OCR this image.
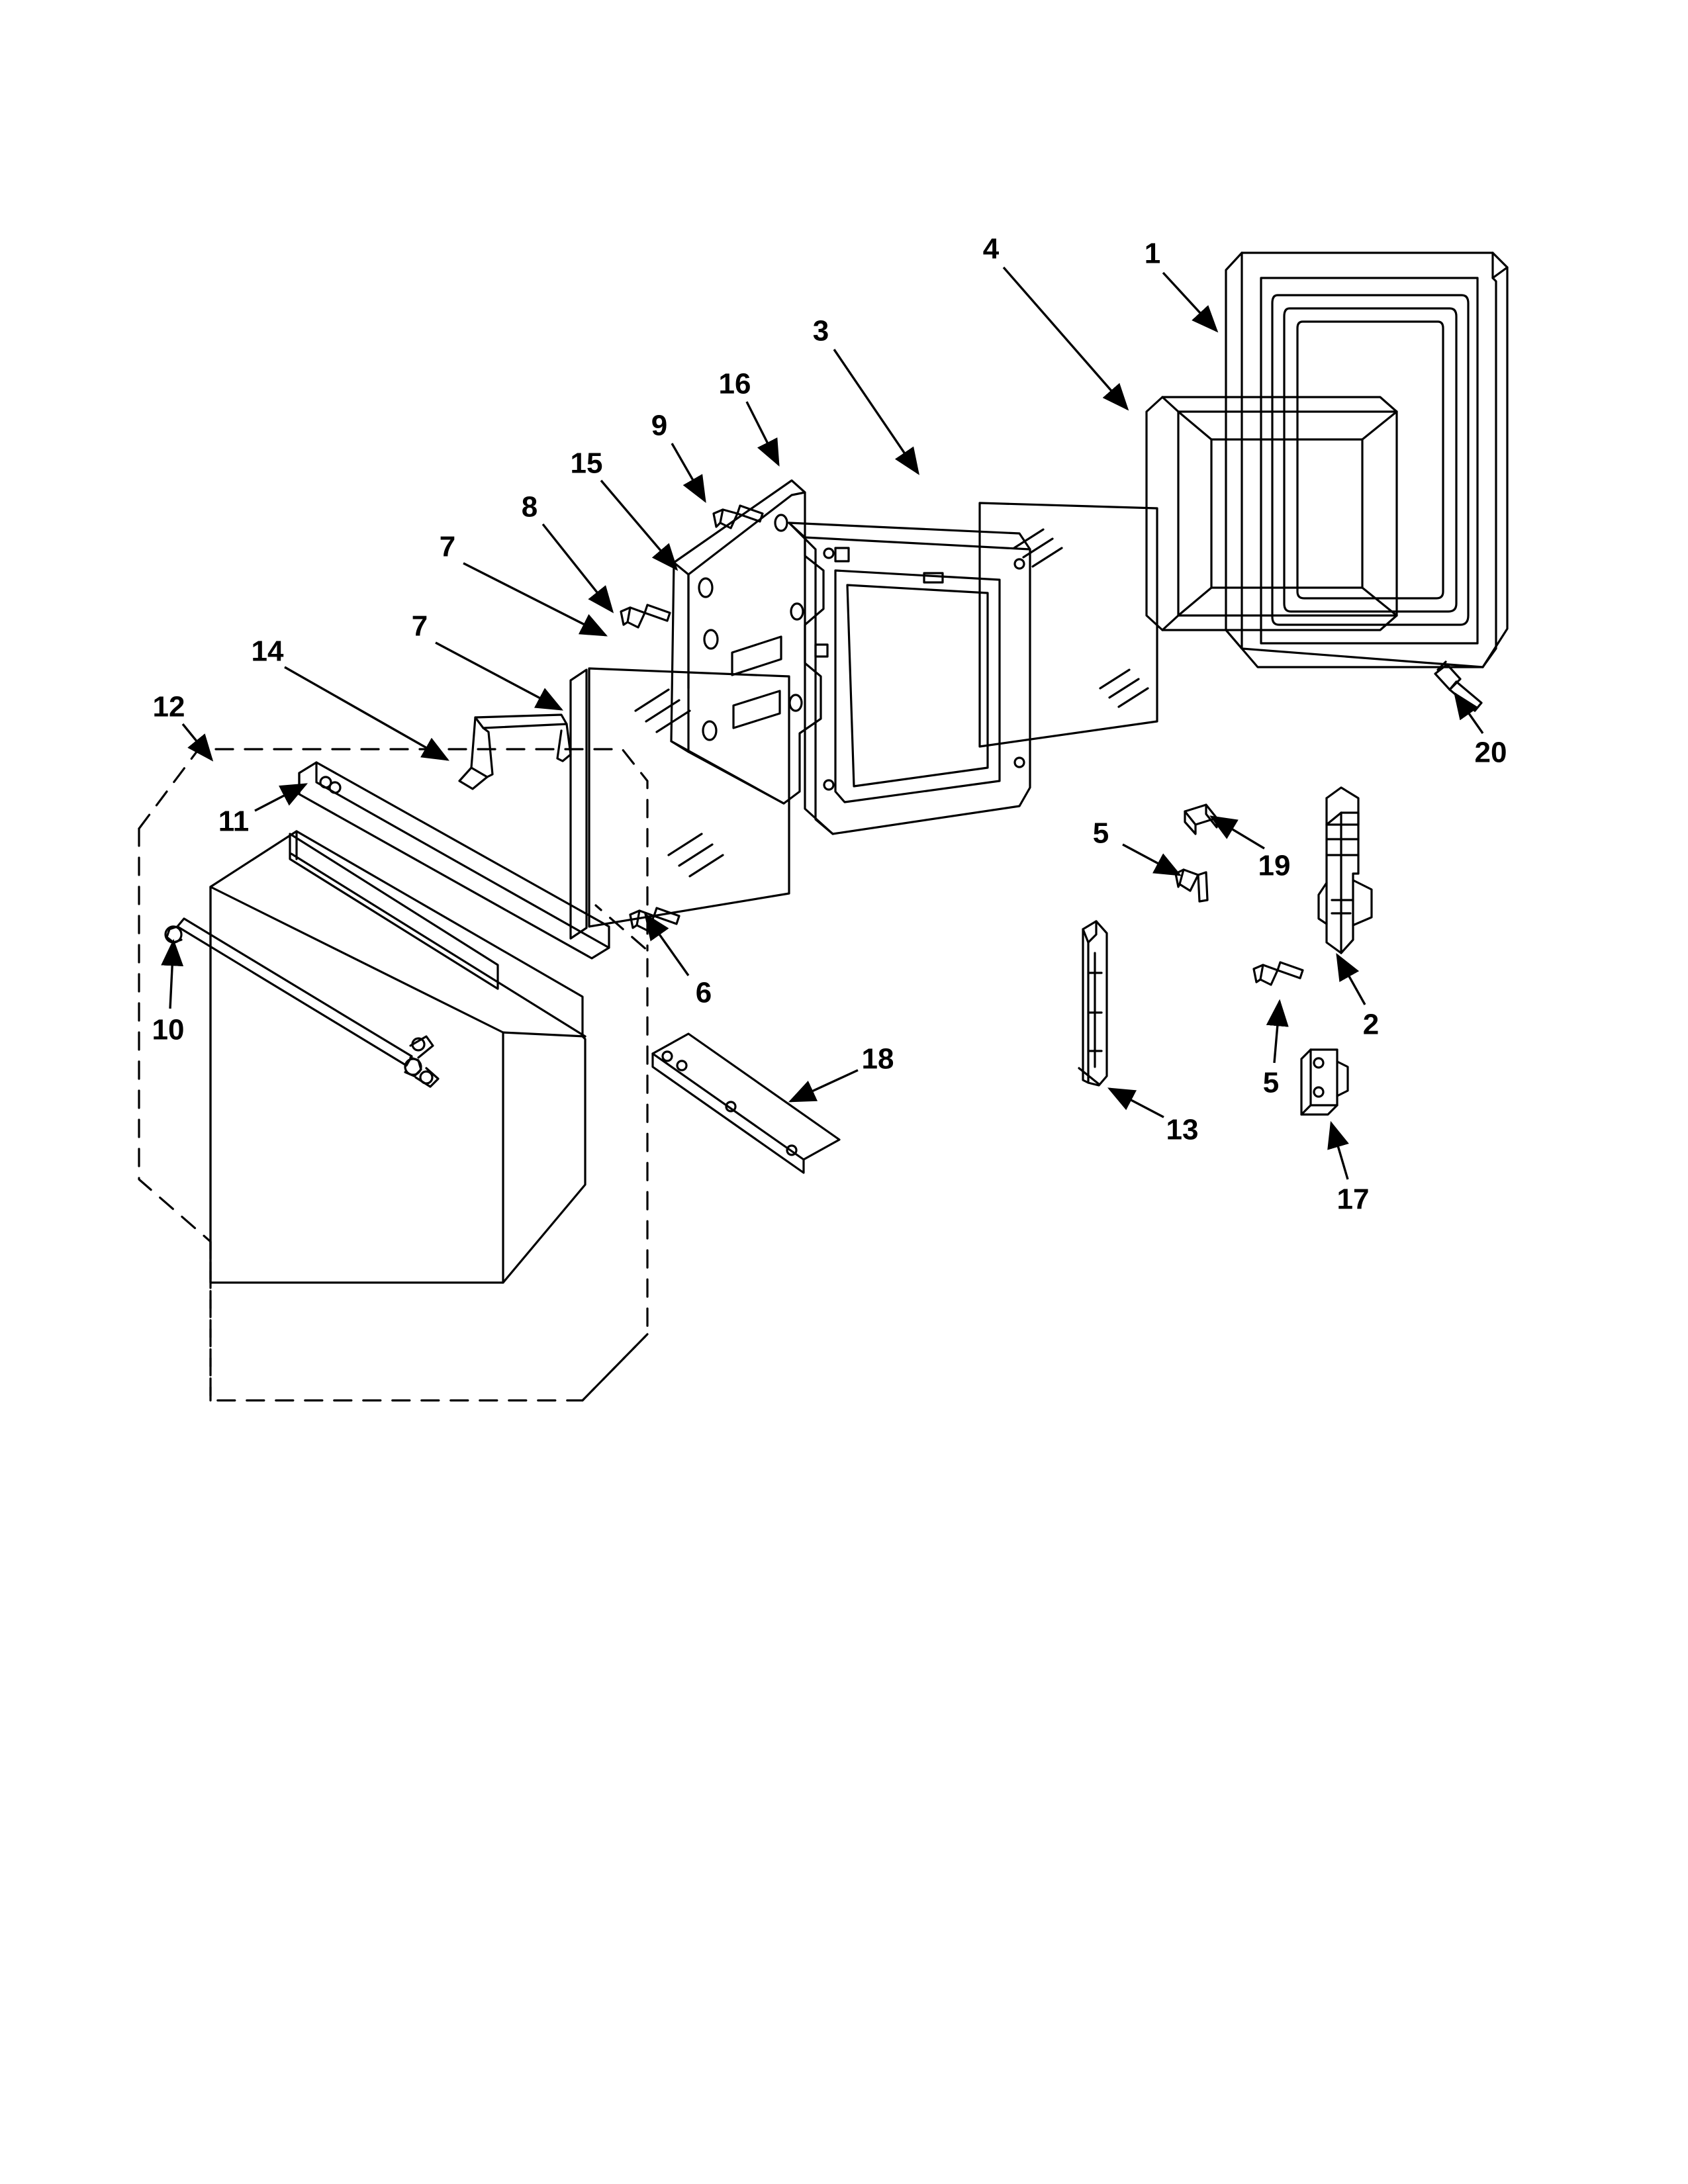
1
2
3
4
5
5
6
7
7
8
9
10
11
12
13
14
15
16
17
18
19
20
